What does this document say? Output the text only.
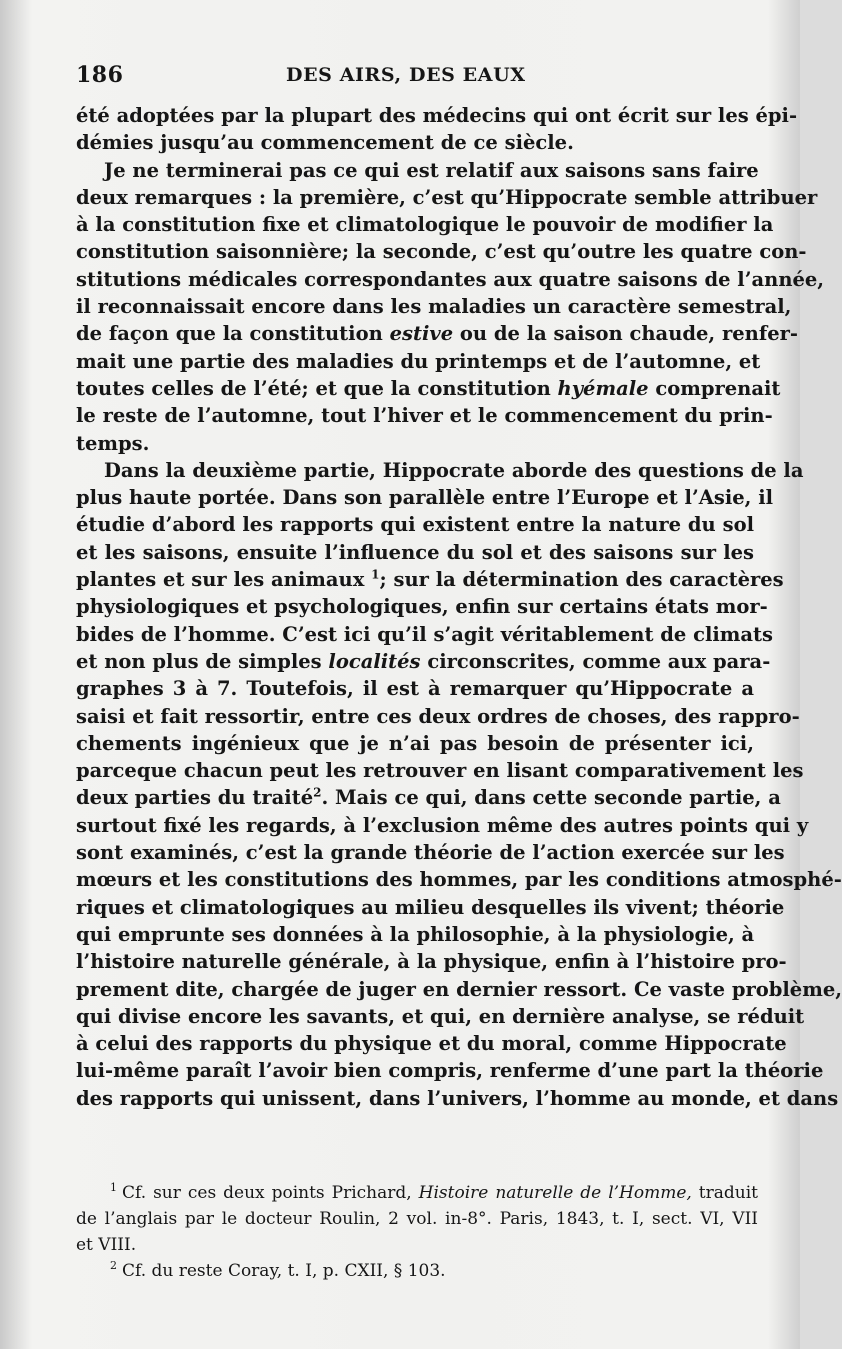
186	DES AIRS, DES EAUX
été adoptées par la plupart des médecins qui ont écrit sur les épi-
démies jusqu’au commencement de ce siècle.
Je ne terminerai pas ce qui est relatif aux saisons sans faire
deux remarques : la première, c’est qu’Hippocrate semble attribuer
à la constitution fixe et climatologique le pouvoir de modifier la
constitution saisonnière; la seconde, c’est qu’outre les quatre con-
stitutions médicales correspondantes aux quatre saisons de l’année,
il reconnaissait encore dans les maladies un caractère semestral,
de façon que la constitution estive ou de la saison chaude, renfer-
mait une partie des maladies du printemps et de l’automne, et
toutes celles de l’été; et que la constitution hyémale comprenait
le reste de l’automne, tout l’hiver et le commencement du prin-
temps.
Dans la deuxième partie, Hippocrate aborde des questions de la
plus haute portée. Dans son parallèle entre l’Europe et l’Asie, il
étudie d’abord les rapports qui existent entre la nature du sol
et les saisons, ensuite l’influence du sol et des saisons sur les
plantes et sur les animaux $^1$; sur la détermination des caractères
physiologiques et psychologiques, enfin sur certains états mor-
bides de l’homme. C’est ici qu’il s’agit véritablement de climats
et non plus de simples localités circonscrites, comme aux para-
graphes 3 à 7. Toutefois, il est à remarquer qu’Hippocrate a
saisi et fait ressortir, entre ces deux ordres de choses, des rappro-
chements ingénieux que je n’ai pas besoin de présenter ici,
parceque chacun peut les retrouver en lisant comparativement les
deux parties du traité$^2$. Mais ce qui, dans cette seconde partie, a
surtout fixé les regards, à l’exclusion même des autres points qui y
sont examinés, c’est la grande théorie de l’action exercée sur les
mœurs et les constitutions des hommes, par les conditions atmosphé-
riques et climatologiques au milieu desquelles ils vivent; théorie
qui emprunte ses données à la philosophie, à la physiologie, à
l’histoire naturelle générale, à la physique, enfin à l’histoire pro-
prement dite, chargée de juger en dernier ressort. Ce vaste problème,
qui divise encore les savants, et qui, en dernière analyse, se réduit
à celui des rapports du physique et du moral, comme Hippocrate
lui-même paraît l’avoir bien compris, renferme d’une part la théorie
des rapports qui unissent, dans l’univers, l’homme au monde, et dans
$^1$ Cf. sur ces deux points Prichard, Histoire naturelle de l’Homme, traduit
de l’anglais par le docteur Roulin, 2 vol. in-8°. Paris, 1843, t. I, sect. VI, VII
et VIII.
$^2$ Cf. du reste Coray, t. I, p. CXII, § 103.
